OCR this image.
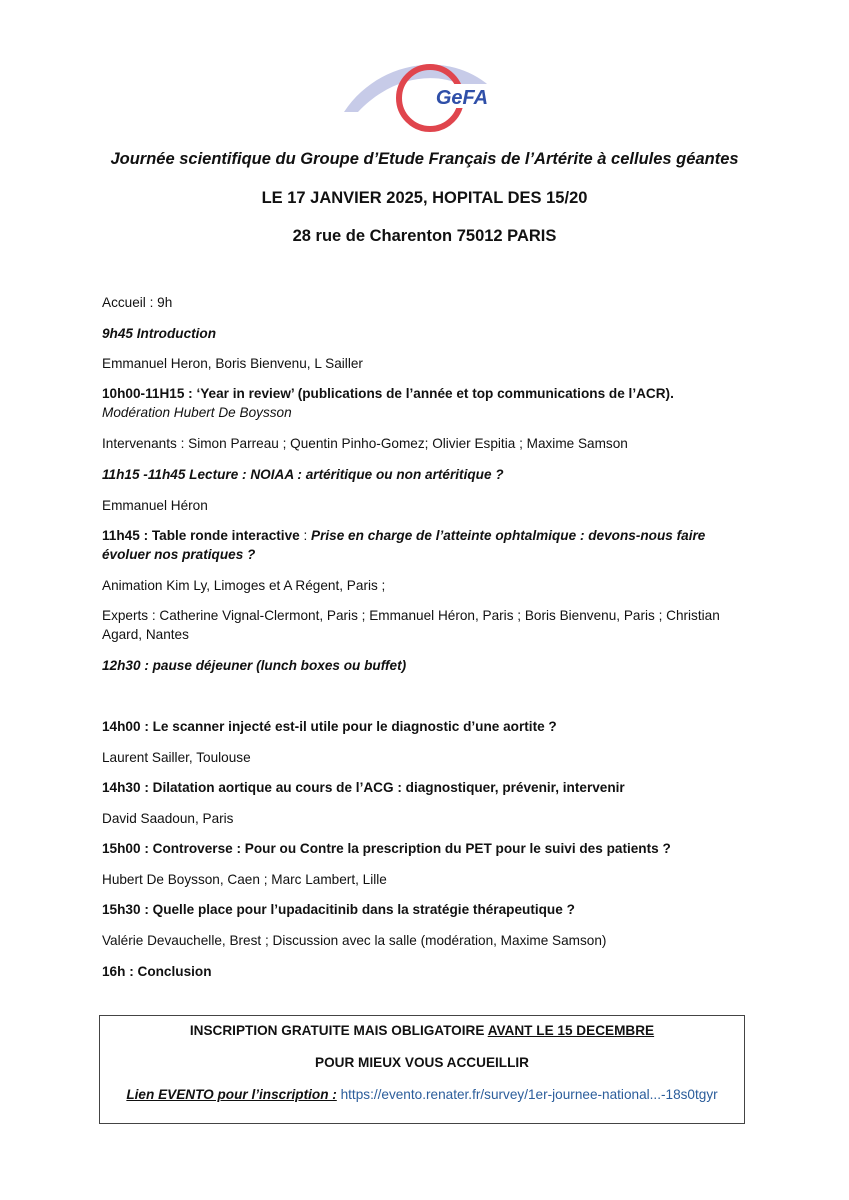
GeFA
Journée scientifique du Groupe d’Etude Français de l’Artérite à cellules géantes
LE 17 JANVIER 2025, HOPITAL DES 15/20
28 rue de Charenton 75012 PARIS
Accueil : 9h
9h45 Introduction
Emmanuel Heron, Boris Bienvenu, L Sailler
10h00-11H15 : ‘Year in review’ (publications de l’année et top communications de l’ACR).
Modération Hubert De Boysson
Intervenants : Simon Parreau ; Quentin Pinho-Gomez; Olivier Espitia ; Maxime Samson
11h15 -11h45 Lecture : NOIAA : artéritique ou non artéritique ?
Emmanuel Héron
11h45 : Table ronde interactive : Prise en charge de l’atteinte ophtalmique : devons-nous faire
évoluer nos pratiques ?
Animation Kim Ly, Limoges et A Régent, Paris ;
Experts : Catherine Vignal-Clermont, Paris ; Emmanuel Héron, Paris ; Boris Bienvenu, Paris ; Christian
Agard, Nantes
12h30 : pause déjeuner (lunch boxes ou buffet)
14h00 : Le scanner injecté est-il utile pour le diagnostic d’une aortite ?
Laurent Sailler, Toulouse
14h30 : Dilatation aortique au cours de l’ACG : diagnostiquer, prévenir, intervenir
David Saadoun, Paris
15h00 : Controverse : Pour ou Contre la prescription du PET pour le suivi des patients ?
Hubert De Boysson, Caen ; Marc Lambert, Lille
15h30 : Quelle place pour l’upadacitinib dans la stratégie thérapeutique ?
Valérie Devauchelle, Brest ; Discussion avec la salle (modération, Maxime Samson)
16h : Conclusion
INSCRIPTION GRATUITE MAIS OBLIGATOIRE AVANT LE 15 DECEMBRE
POUR MIEUX VOUS ACCUEILLIR
Lien EVENTO pour l’inscription : https://evento.renater.fr/survey/1er-journee-national...-18s0tgyr
